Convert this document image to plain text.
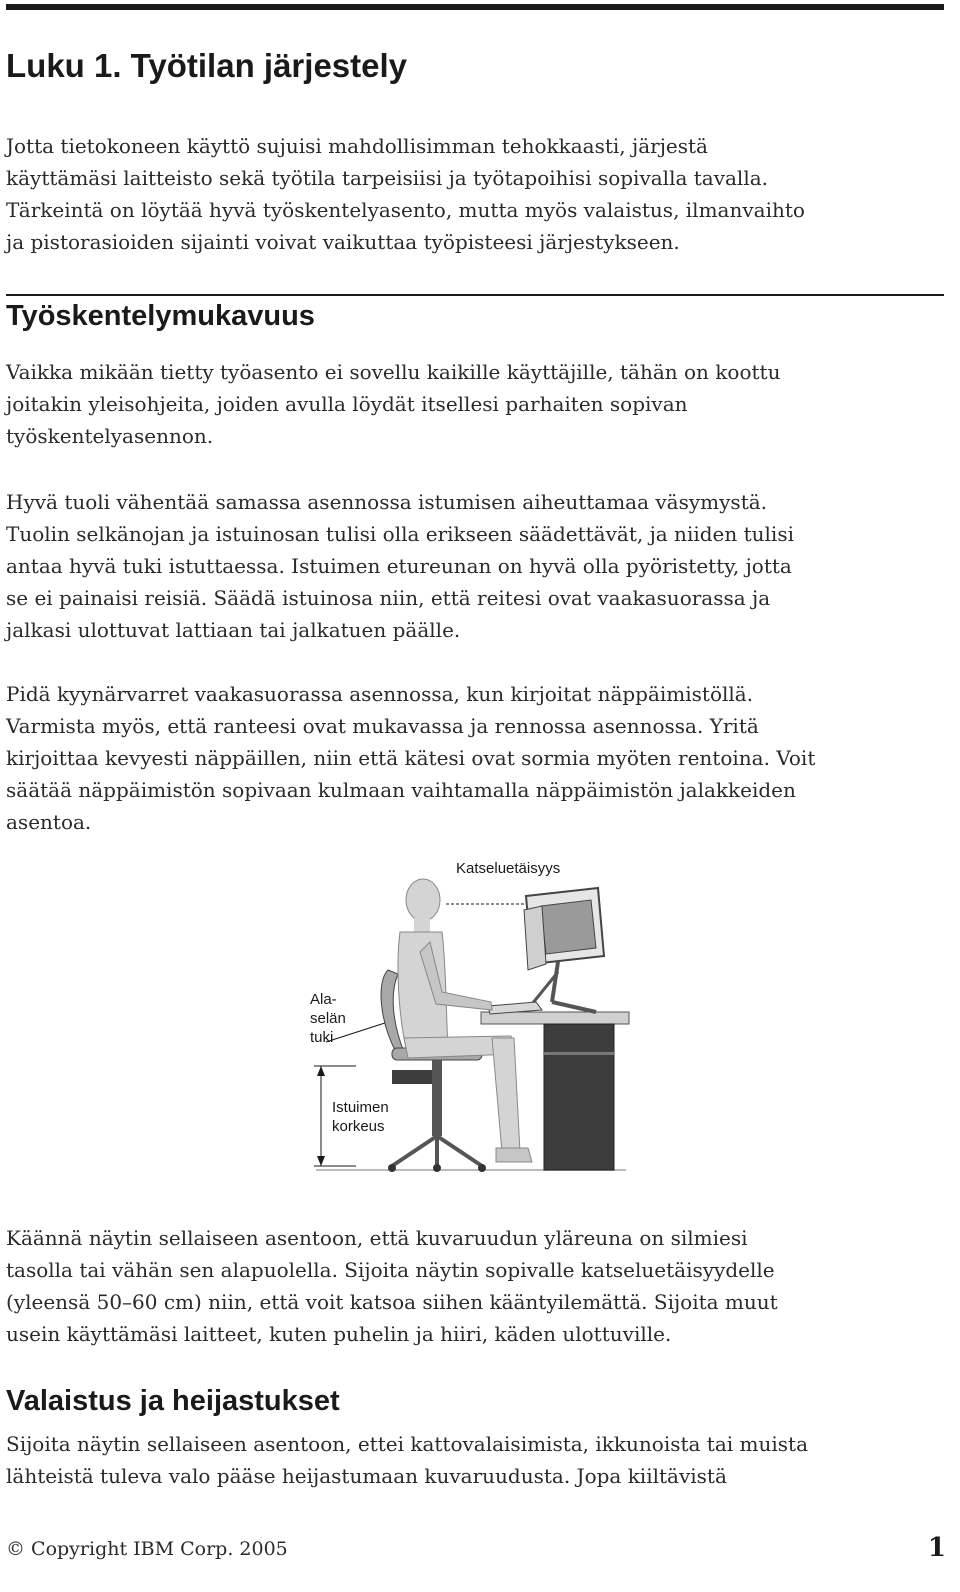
Luku 1. Työtilan järjestely
Jotta tietokoneen käyttö sujuisi mahdollisimman tehokkaasti, järjestä
käyttämäsi laitteisto sekä työtila tarpeisiisi ja työtapoihisi sopivalla tavalla.
Tärkeintä on löytää hyvä työskentelyasento, mutta myös valaistus, ilmanvaihto
ja pistorasioiden sijainti voivat vaikuttaa työpisteesi järjestykseen.
Työskentelymukavuus
Vaikka mikään tietty työasento ei sovellu kaikille käyttäjille, tähän on koottu
joitakin yleisohjeita, joiden avulla löydät itsellesi parhaiten sopivan
työskentelyasennon.
Hyvä tuoli vähentää samassa asennossa istumisen aiheuttamaa väsymystä.
Tuolin selkänojan ja istuinosan tulisi olla erikseen säädettävät, ja niiden tulisi
antaa hyvä tuki istuttaessa. Istuimen etureunan on hyvä olla pyöristetty, jotta
se ei painaisi reisiä. Säädä istuinosa niin, että reitesi ovat vaakasuorassa ja
jalkasi ulottuvat lattiaan tai jalkatuen päälle.
Pidä kyynärvarret vaakasuorassa asennossa, kun kirjoitat näppäimistöllä.
Varmista myös, että ranteesi ovat mukavassa ja rennossa asennossa. Yritä
kirjoittaa kevyesti näppäillen, niin että kätesi ovat sormia myöten rentoina. Voit
säätää näppäimistön sopivaan kulmaan vaihtamalla näppäimistön jalakkeiden
asentoa.
Katseluetäisyys
Ala-
selän
tuki
Istuimen
korkeus
Käännä näytin sellaiseen asentoon, että kuvaruudun yläreuna on silmiesi
tasolla tai vähän sen alapuolella. Sijoita näytin sopivalle katseluetäisyydelle
(yleensä 50–60 cm) niin, että voit katsoa siihen kääntyilemättä. Sijoita muut
usein käyttämäsi laitteet, kuten puhelin ja hiiri, käden ulottuville.
Valaistus ja heijastukset
Sijoita näytin sellaiseen asentoon, ettei kattovalaisimista, ikkunoista tai muista
lähteistä tuleva valo pääse heijastumaan kuvaruudusta. Jopa kiiltävistä
© Copyright IBM Corp. 2005	1
